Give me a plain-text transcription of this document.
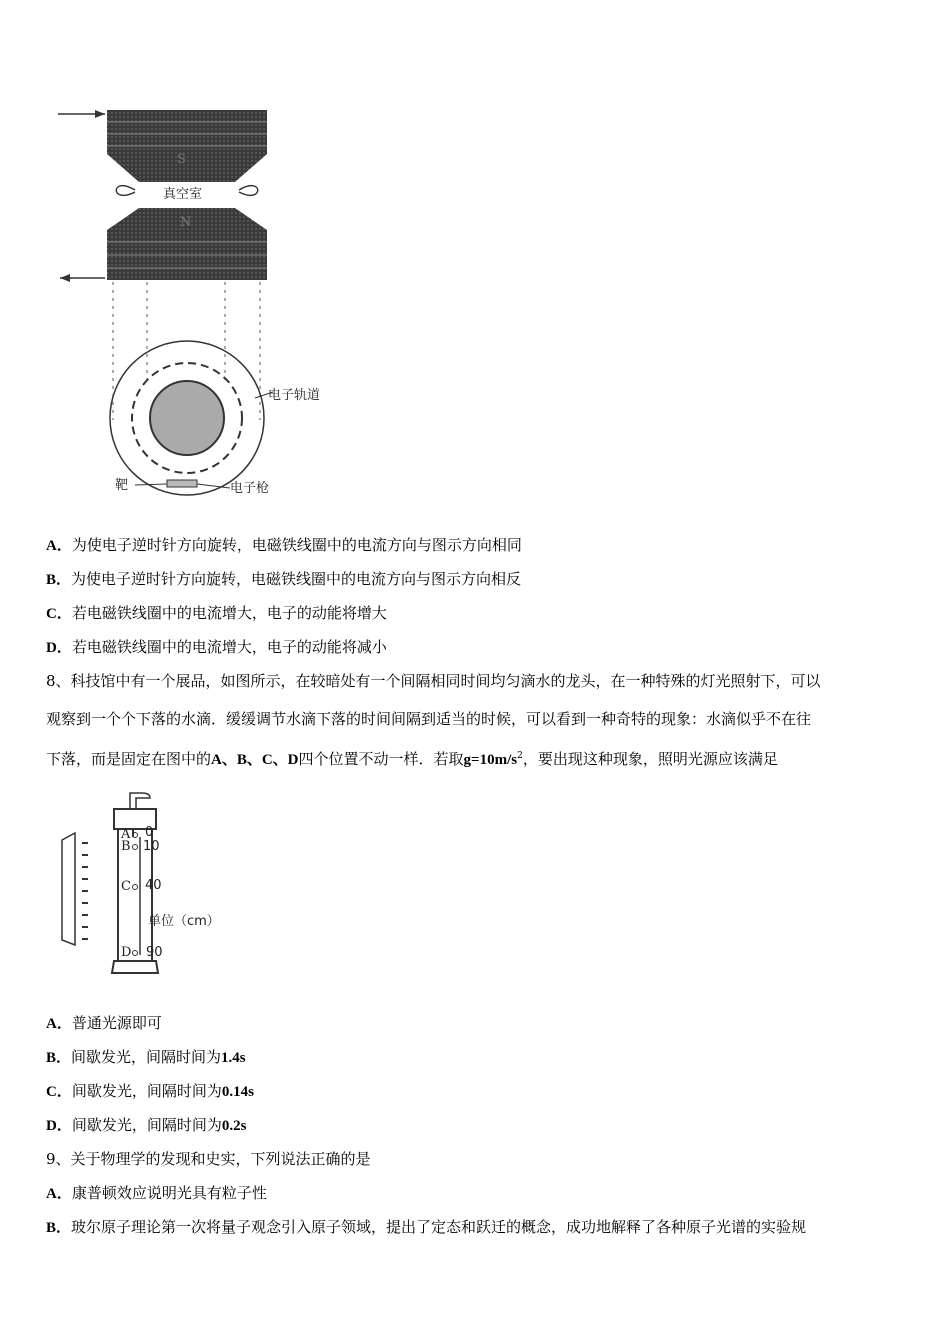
S
真空室
N
电子轨道
靶	电子枪
A．为使电子逆时针方向旋转，电磁铁线圈中的电流方向与图示方向相同
B．为使电子逆时针方向旋转，电磁铁线圈中的电流方向与图示方向相反
C．若电磁铁线圈中的电流增大，电子的动能将增大
D．若电磁铁线圈中的电流增大，电子的动能将减小
8、科技馆中有一个展品，如图所示，在较暗处有一个间隔相同时间均匀滴水的龙头，在一种特殊的灯光照射下，可以
观察到一个个下落的水滴．缓缓调节水滴下落的时间间隔到适当的时候，可以看到一种奇特的现象：水滴似乎不在往
下落，而是固定在图中的A、B、C、D四个位置不动一样．若取$g=10m/s^2$，要出现这种现象，照明光源应该满足
A
B
C
D
0
10
40
单位（cm）
90
A．普通光源即可
B．间歇发光，间隔时间为1.4s
C．间歇发光，间隔时间为0.14s
D．间歇发光，间隔时间为0.2s
9、关于物理学的发现和史实，下列说法正确的是
A．康普顿效应说明光具有粒子性
B．玻尔原子理论第一次将量子观念引入原子领域，提出了定态和跃迁的概念，成功地解释了各种原子光谱的实验规
